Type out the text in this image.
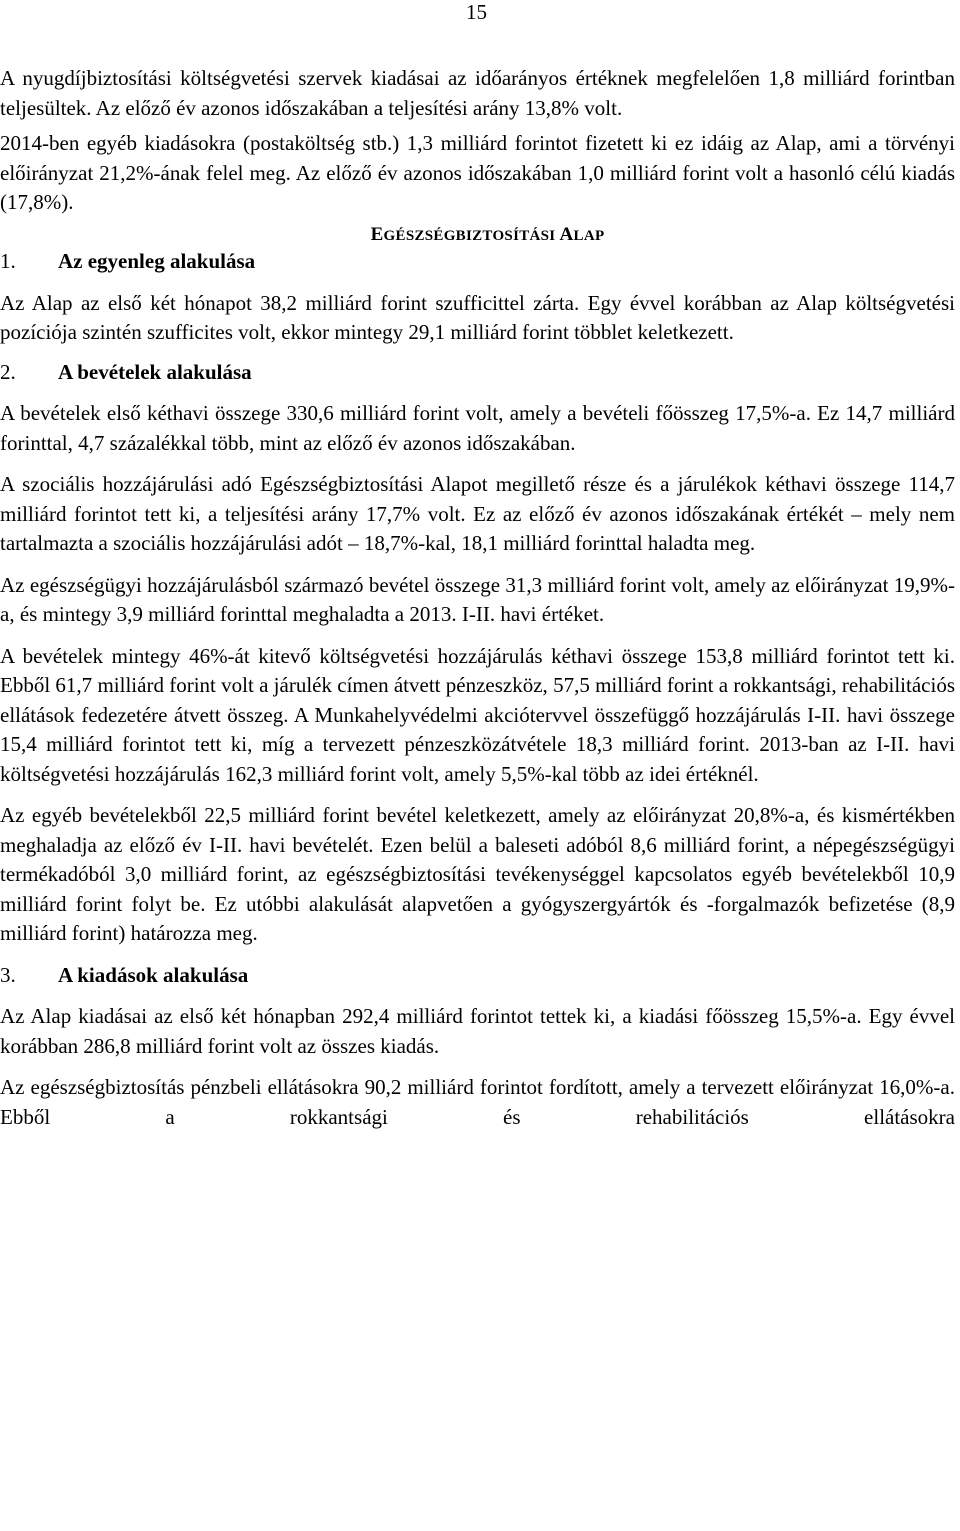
15

A nyugdíjbiztosítási költségvetési szervek kiadásai az időarányos értéknek megfelelően 1,8 milliárd forintban teljesültek. Az előző év azonos időszakában a teljesítési arány 13,8% volt.

2014-ben egyéb kiadásokra (postaköltség stb.) 1,3 milliárd forintot fizetett ki ez idáig az Alap, ami a törvényi előirányzat 21,2%-ának felel meg. Az előző év azonos időszakában 1,0 milliárd forint volt a hasonló célú kiadás (17,8%).

EGÉSZSÉGBIZTOSÍTÁSI ALAP
1. Az egyenleg alakulása

Az Alap az első két hónapot 38,2 milliárd forint szufficittel zárta. Egy évvel korábban az Alap költségvetési pozíciója szintén szufficites volt, ekkor mintegy 29,1 milliárd forint többlet keletkezett.

2. A bevételek alakulása

A bevételek első kéthavi összege 330,6 milliárd forint volt, amely a bevételi főösszeg 17,5%-a. Ez 14,7 milliárd forinttal, 4,7 százalékkal több, mint az előző év azonos időszakában.

A szociális hozzájárulási adó Egészségbiztosítási Alapot megillető része és a járulékok kéthavi összege 114,7 milliárd forintot tett ki, a teljesítési arány 17,7% volt. Ez az előző év azonos időszakának értékét – mely nem tartalmazta a szociális hozzájárulási adót – 18,7%-kal, 18,1 milliárd forinttal haladta meg.

Az egészségügyi hozzájárulásból származó bevétel összege 31,3 milliárd forint volt, amely az előirányzat 19,9%-a, és mintegy 3,9 milliárd forinttal meghaladta a 2013. I-II. havi értéket.

A bevételek mintegy 46%-át kitevő költségvetési hozzájárulás kéthavi összege 153,8 milliárd forintot tett ki. Ebből 61,7 milliárd forint volt a járulék címen átvett pénzeszköz, 57,5 milliárd forint a rokkantsági, rehabilitációs ellátások fedezetére átvett összeg. A Munkahelyvédelmi akciótervvel összefüggő hozzájárulás I-II. havi összege 15,4 milliárd forintot tett ki, míg a tervezett pénzeszközátvétele 18,3 milliárd forint. 2013-ban az I-II. havi költségvetési hozzájárulás 162,3 milliárd forint volt, amely 5,5%-kal több az idei értéknél.

Az egyéb bevételekből 22,5 milliárd forint bevétel keletkezett, amely az előirányzat 20,8%-a, és kismértékben meghaladja az előző év I-II. havi bevételét. Ezen belül a baleseti adóból 8,6 milliárd forint, a népegészségügyi termékadóból 3,0 milliárd forint, az egészségbiztosítási tevékenységgel kapcsolatos egyéb bevételekből 10,9 milliárd forint folyt be. Ez utóbbi alakulását alapvetően a gyógyszergyártók és -forgalmazók befizetése (8,9 milliárd forint) határozza meg.

3. A kiadások alakulása

Az Alap kiadásai az első két hónapban 292,4 milliárd forintot tettek ki, a kiadási főösszeg 15,5%-a. Egy évvel korábban 286,8 milliárd forint volt az összes kiadás.

Az egészségbiztosítás pénzbeli ellátásokra 90,2 milliárd forintot fordított, amely a tervezett előirányzat 16,0%-a. Ebből a rokkantsági és rehabilitációs ellátásokra
